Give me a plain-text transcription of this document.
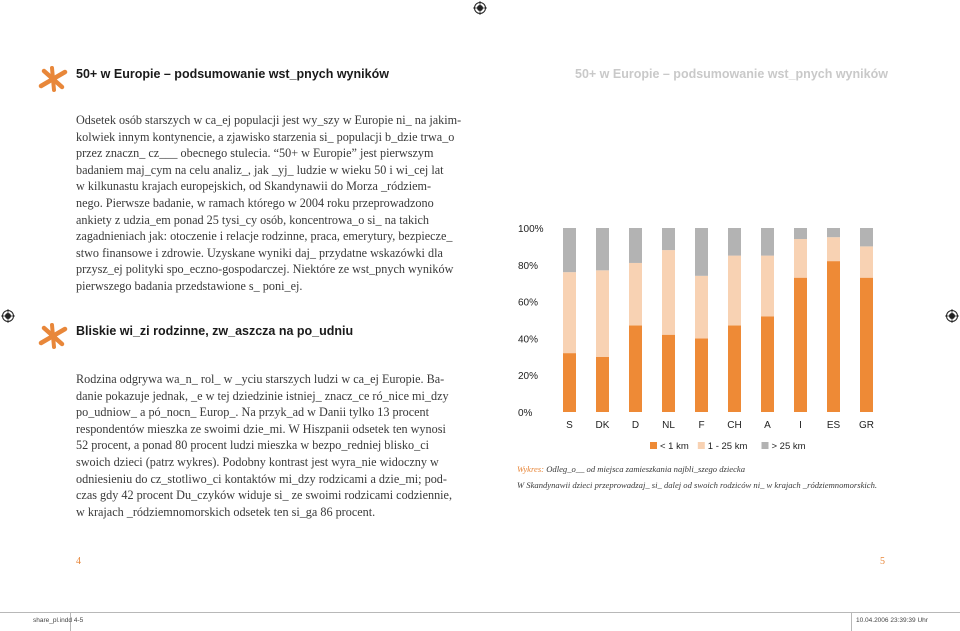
50+ w Europie – podsumowanie wst_pnych wyników	50+ w Europie – podsumowanie wst_pnych wyników

Odsetek osób starszych w ca_ej populacji jest wy_szy w Europie ni_ na jakim-

kolwiek innym kontynencie, a zjawisko starzenia si_ populacji b_dzie trwa_o

przez znaczn_ cz___ obecnego stulecia. “50+ w Europie” jest pierwszym

badaniem maj_cym na celu analiz_, jak _yj_ ludzie w wieku 50 i wi_cej lat

w kilkunastu krajach europejskich, od Skandynawii do Morza _ródziem-

nego. Pierwsze badanie, w ramach którego w 2004 roku przeprowadzono

ankiety z udzia_em ponad 25 tysi_cy osób, koncentrowa_o si_ na takich

zagadnieniach jak: otoczenie i relacje rodzinne, praca, emerytury, bezpiecze_

stwo finansowe i zdrowie. Uzyskane wyniki daj_ przydatne wskazówki dla

przysz_ej polityki spo_eczno-gospodarczej. Niektóre ze wst_pnych wyników

pierwszego badania przedstawione s_ poni_ej.

Bliskie wi_zi rodzinne, zw_aszcza na po_udniu

Rodzina odgrywa wa_n_ rol_ w _yciu starszych ludzi w ca_ej Europie. Ba-

danie pokazuje jednak, _e w tej dziedzinie istniej_ znacz_ce ró_nice mi_dzy

po_udniow_ a pó_nocn_ Europ_. Na przyk_ad w Danii tylko 13 procent

respondentów mieszka ze swoimi dzie_mi. W Hiszpanii odsetek ten wynosi

52 procent, a ponad 80 procent ludzi mieszka w bezpo_redniej blisko_ci

swoich dzieci (patrz wykres). Podobny kontrast jest wyra_nie widoczny w

odniesieniu do cz_stotliwo_ci kontaktów mi_dzy rodzicami a dzie_mi; pod-

czas gdy 42 procent Du_czyków widuje si_ ze swoimi rodzicami codziennie,

w krajach _ródziemnomorskich odsetek ten si_ga 86 procent.

0%
20%
40%
60%
80%
100%
S DK D NL F CH A	I ES GR
< 1 km 1 - 25 km	> 25 km
Wykres: Odleg_o__ od miejsca zamieszkania najbli_szego dziecka
W Skandynawii dzieci przeprowadzaj_ si_ dalej od swoich rodziców ni_ w krajach _ródziemnomorskich.
4	5
share_pl.indd 4-5	10.04.2006 23:39:39 Uhr
